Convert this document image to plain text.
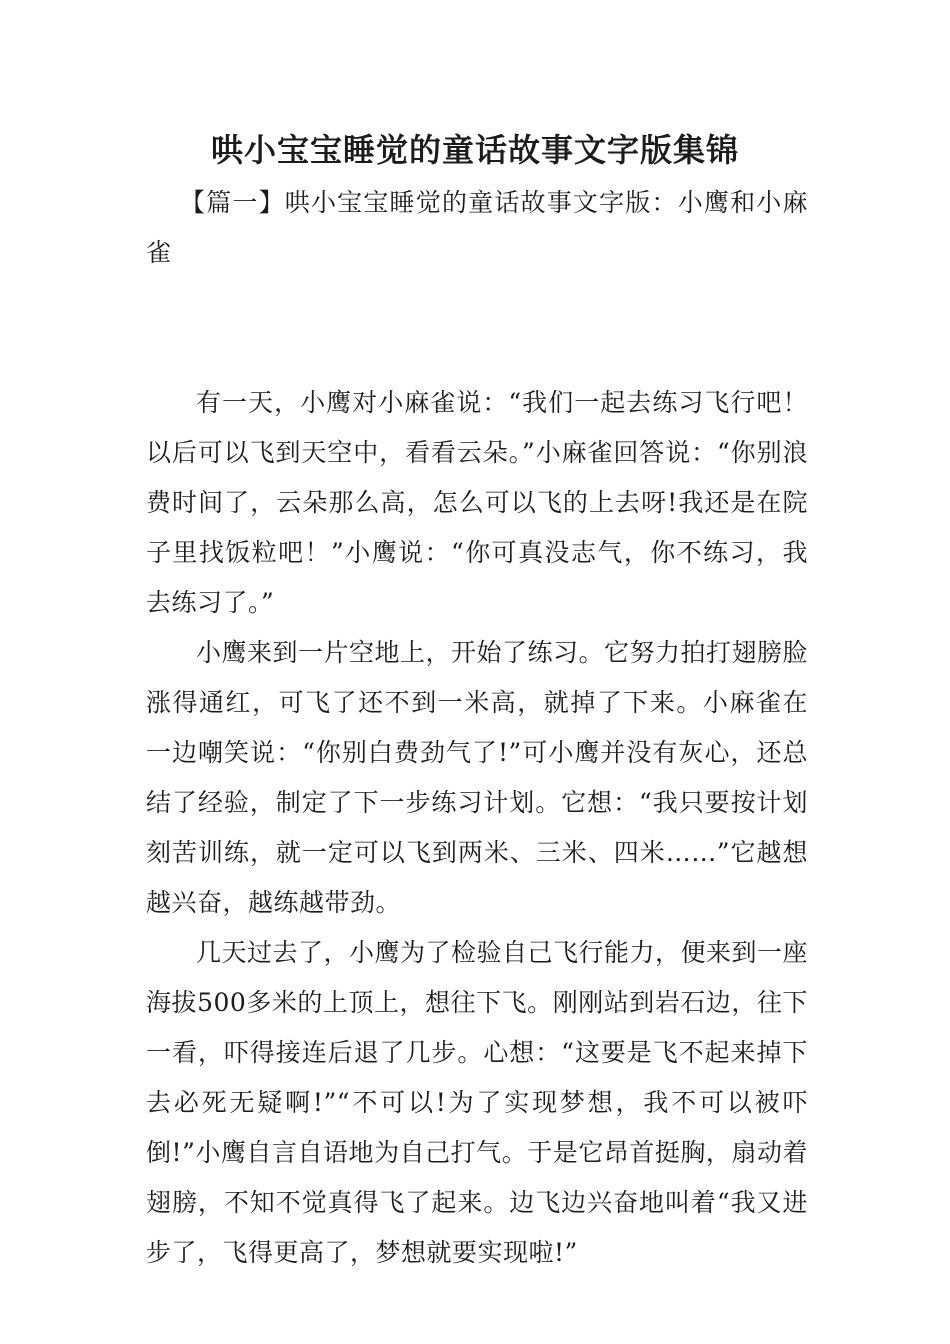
哄小宝宝睡觉的童话故事文字版集锦

【篇一】哄小宝宝睡觉的童话故事文字版：小鹰和小麻雀

有一天，小鹰对小麻雀说：“我们一起去练习飞行吧！以后可以飞到天空中，看看云朵。”小麻雀回答说：“你别浪费时间了，云朵那么高，怎么可以飞的上去呀!我还是在院子里找饭粒吧！”小鹰说：“你可真没志气，你不练习，我去练习了。”

小鹰来到一片空地上，开始了练习。它努力拍打翅膀脸涨得通红，可飞了还不到一米高，就掉了下来。小麻雀在一边嘲笑说：“你别白费劲气了!”可小鹰并没有灰心，还总结了经验，制定了下一步练习计划。它想：“我只要按计划刻苦训练，就一定可以飞到两米、三米、四米……”它越想越兴奋，越练越带劲。

几天过去了，小鹰为了检验自己飞行能力，便来到一座海拔500多米的上顶上，想往下飞。刚刚站到岩石边，往下一看，吓得接连后退了几步。心想：“这要是飞不起来掉下去必死无疑啊!”“不可以!为了实现梦想，我不可以被吓倒!”小鹰自言自语地为自己打气。于是它昂首挺胸，扇动着翅膀，不知不觉真得飞了起来。边飞边兴奋地叫着“我又进步了，飞得更高了，梦想就要实现啦!”
